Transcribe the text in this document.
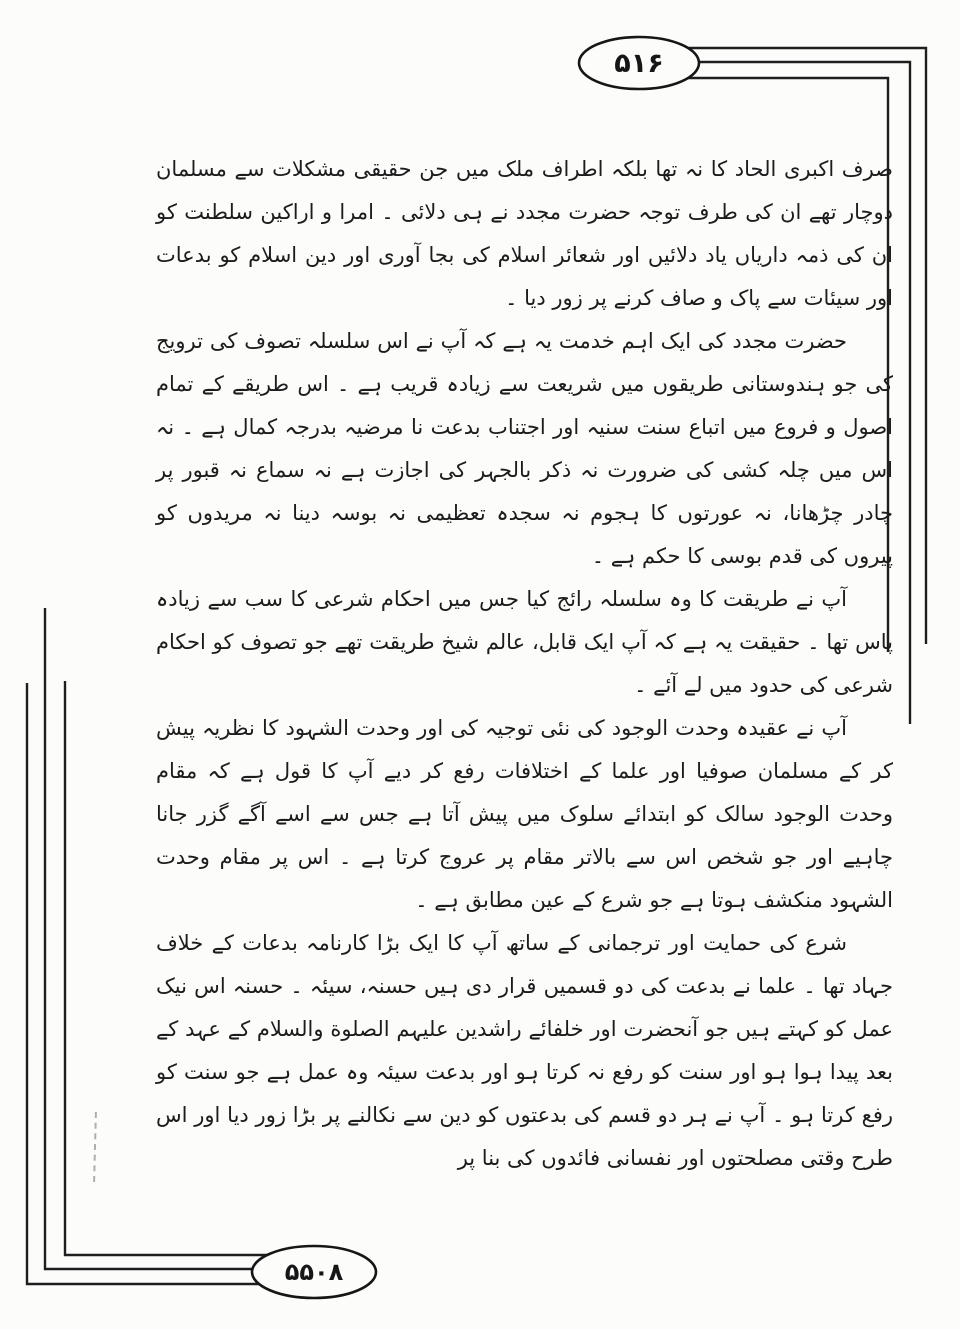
۵۱۶
۵۵۰۸

صرف اکبری الحاد کا نہ تھا بلکہ اطراف ملک میں جن حقیقی مشکلات سے مسلمان دوچار تھے ان کی طرف توجہ حضرت مجدد نے ہی دلائی ۔ امرا و اراکین سلطنت کو ان کی ذمہ داریاں یاد دلائیں اور شعائر اسلام کی بجا آوری اور دین اسلام کو بدعات اور سیئات سے پاک و صاف کرنے پر زور دیا ۔

حضرت مجدد کی ایک اہم خدمت یہ ہے کہ آپ نے اس سلسلہ تصوف کی ترویج کی جو ہندوستانی طریقوں میں شریعت سے زیادہ قریب ہے ۔ اس طریقے کے تمام اصول و فروع میں اتباع سنت سنیہ اور اجتناب بدعت نا مرضیہ بدرجہ کمال ہے ۔ نہ اس میں چلہ کشی کی ضرورت نہ ذکر بالجہر کی اجازت ہے نہ سماع نہ قبور پر چادر چڑھانا، نہ عورتوں کا ہجوم نہ سجدہ تعظیمی نہ بوسہ دینا نہ مریدوں کو پیروں کی قدم بوسی کا حکم ہے ۔

آپ نے طریقت کا وہ سلسلہ رائج کیا جس میں احکام شرعی کا سب سے زیادہ پاس تھا ۔ حقیقت یہ ہے کہ آپ ایک قابل، عالم شیخ طریقت تھے جو تصوف کو احکام شرعی کی حدود میں لے آئے ۔

آپ نے عقیدہ وحدت الوجود کی نئی توجیہ کی اور وحدت الشہود کا نظریہ پیش کر کے مسلمان صوفیا اور علما کے اختلافات رفع کر دیے آپ کا قول ہے کہ مقام وحدت الوجود سالک کو ابتدائے سلوک میں پیش آتا ہے جس سے اسے آگے گزر جانا چاہیے اور جو شخص اس سے بالاتر مقام پر عروج کرتا ہے ۔ اس پر مقام وحدت الشہود منکشف ہوتا ہے جو شرع کے عین مطابق ہے ۔

شرع کی حمایت اور ترجمانی کے ساتھ آپ کا ایک بڑا کارنامہ بدعات کے خلاف جہاد تھا ۔ علما نے بدعت کی دو قسمیں قرار دی ہیں حسنہ، سیئہ ۔ حسنہ اس نیک عمل کو کہتے ہیں جو آنحضرت اور خلفائے راشدین علیہم الصلوة والسلام کے عہد کے بعد پیدا ہوا ہو اور سنت کو رفع نہ کرتا ہو اور بدعت سیئہ وہ عمل ہے جو سنت کو رفع کرتا ہو ۔ آپ نے ہر دو قسم کی بدعتوں کو دین سے نکالنے پر بڑا زور دیا اور اس طرح وقتی مصلحتوں اور نفسانی فائدوں کی بنا پر
